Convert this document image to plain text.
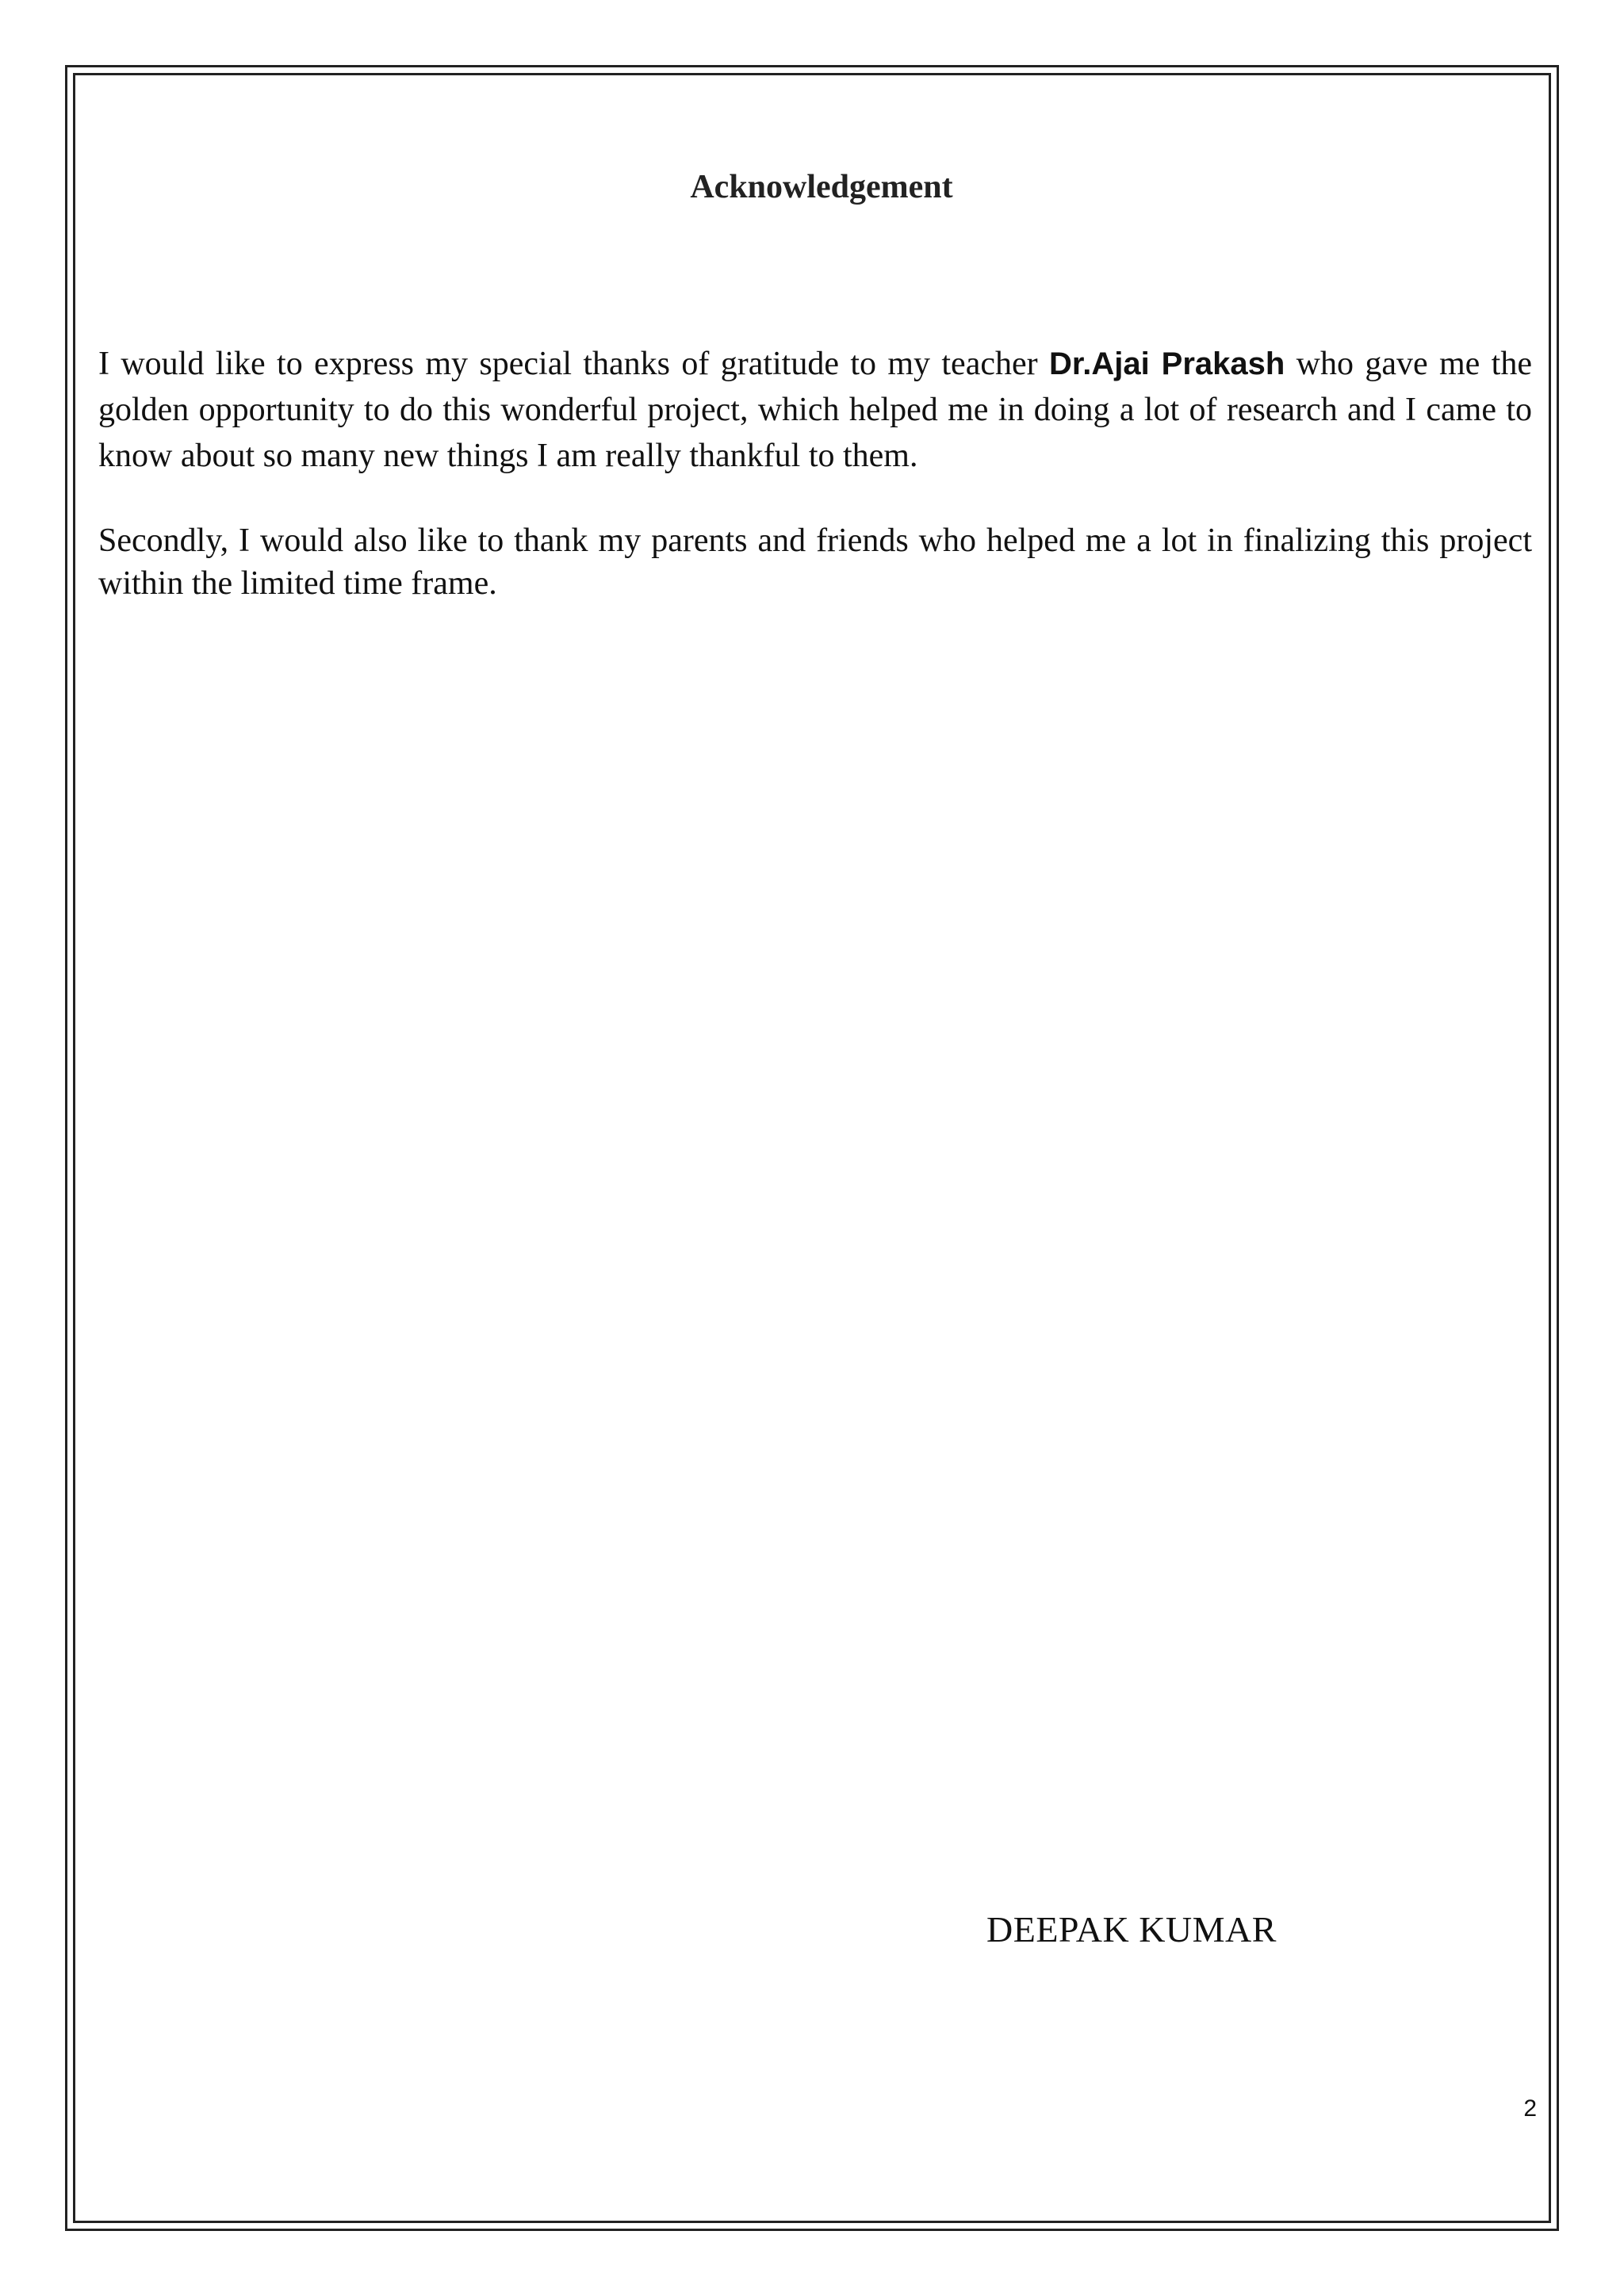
Acknowledgement
I would like to express my special thanks of gratitude to my teacher Dr.Ajai Prakash who gave me the golden opportunity to do this wonderful project, which helped me in doing a lot of research and I came to know about so many new things I am really thankful to them.
Secondly, I would also like to thank my parents and friends who helped me a lot in finalizing this project within the limited time frame.
DEEPAK KUMAR
2
